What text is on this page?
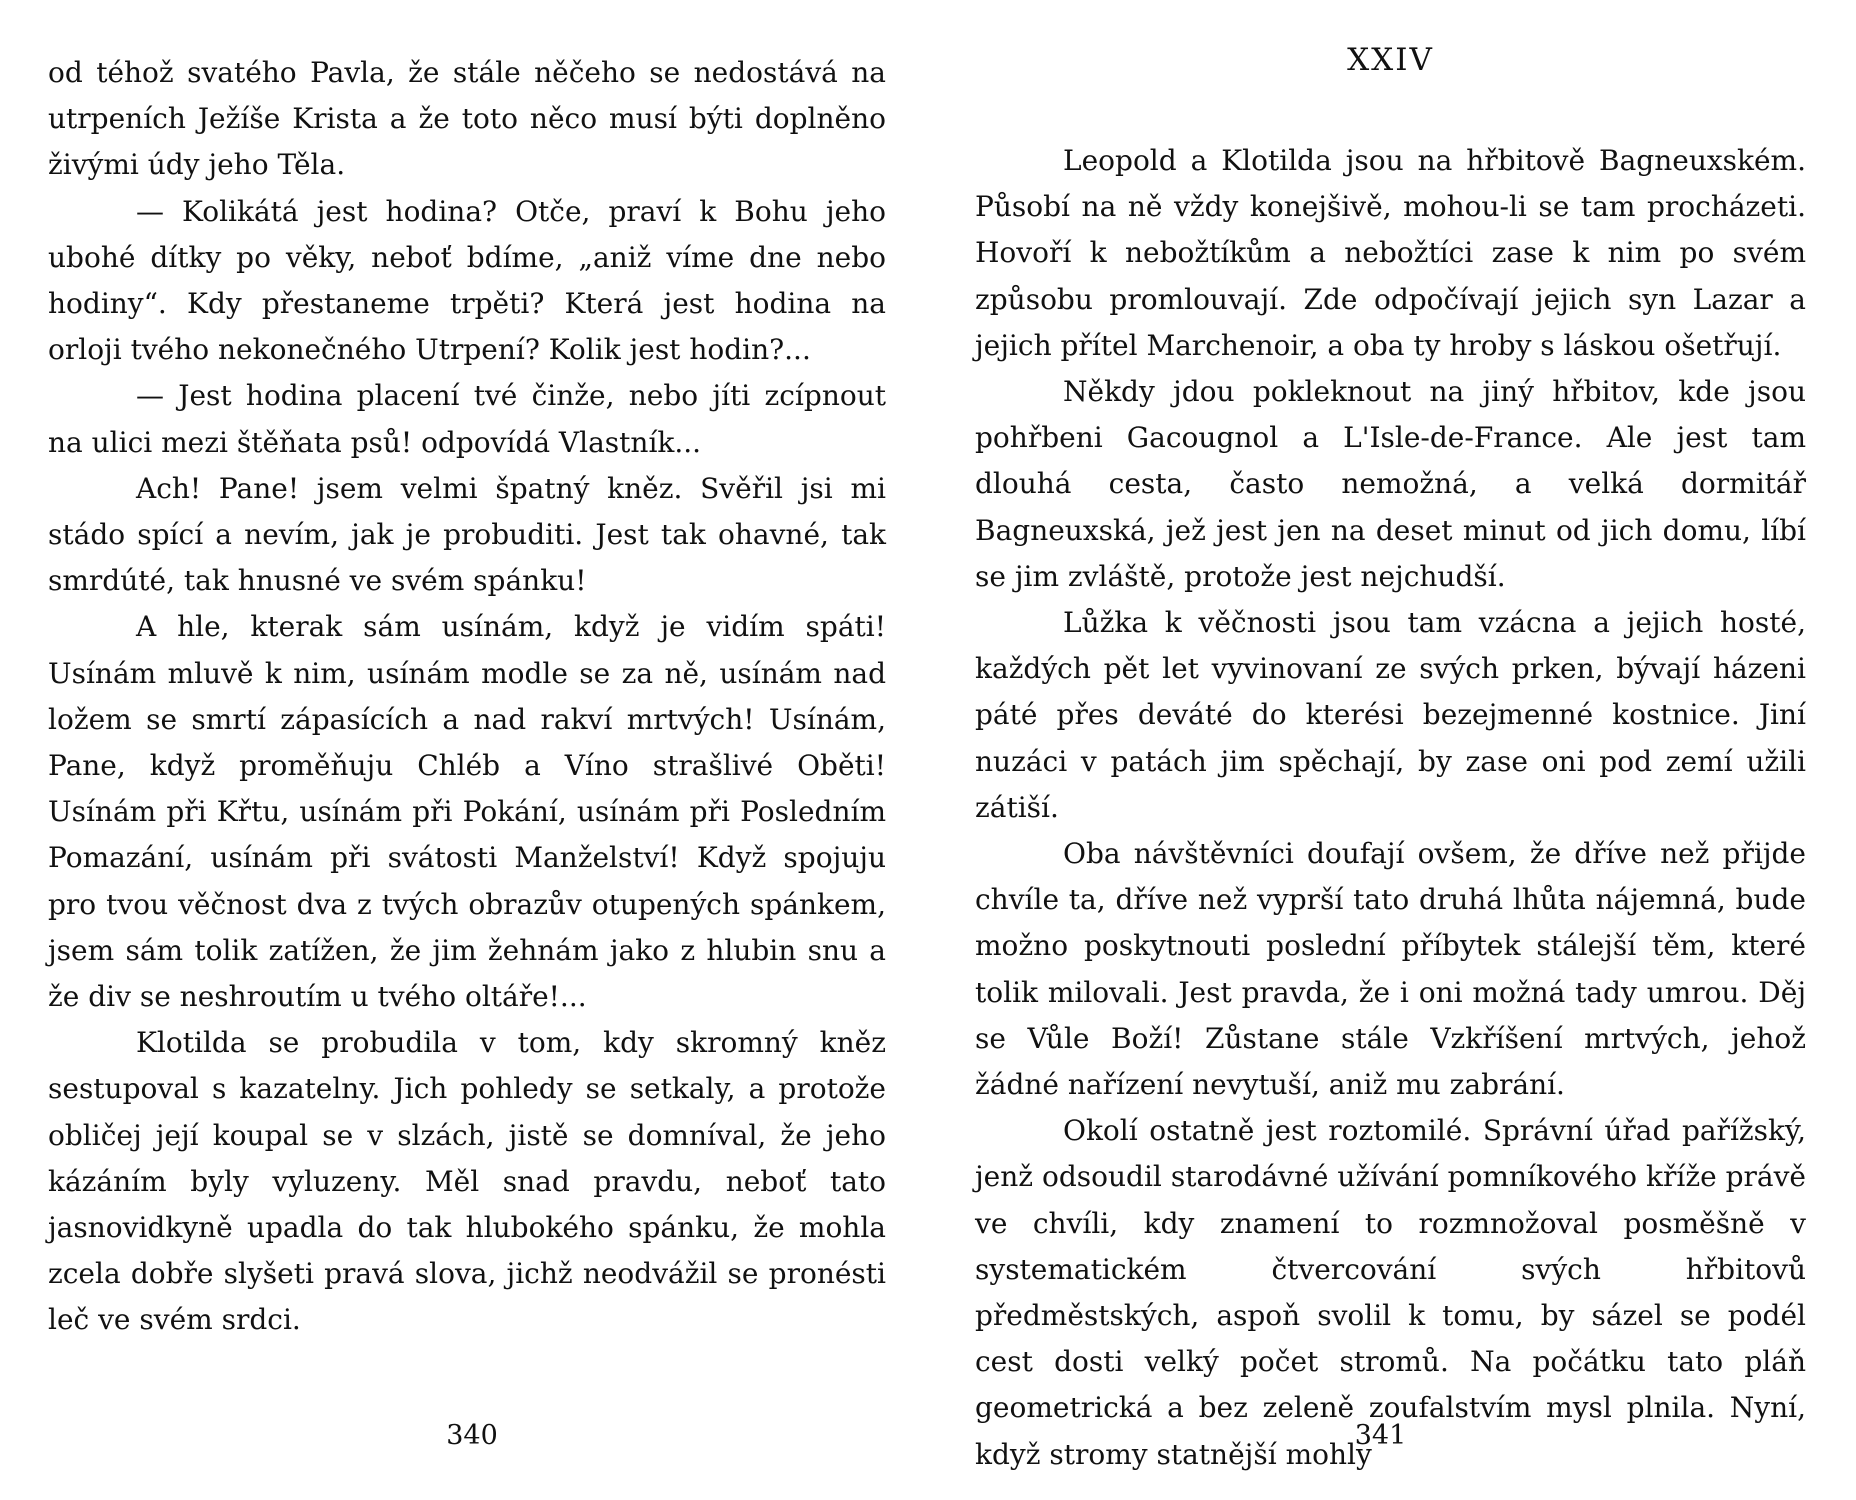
od téhož svatého Pavla, že stále něčeho se nedostává na utrpeních Ježíše Krista a že toto něco musí býti doplněno živými údy jeho Těla.

— Kolikátá jest hodina? Otče, praví k Bohu jeho ubohé dítky po věky, neboť bdíme, „aniž víme dne nebo hodiny“. Kdy přestaneme trpěti? Která jest hodina na orloji tvého nekonečného Utrpení? Kolik jest hodin?...

— Jest hodina placení tvé činže, nebo jíti zcípnout na ulici mezi štěňata psů! odpovídá Vlastník...

Ach! Pane! jsem velmi špatný kněz. Svěřil jsi mi stádo spící a nevím, jak je probuditi. Jest tak ohavné, tak smrdúté, tak hnusné ve svém spánku!

A hle, kterak sám usínám, když je vidím spáti! Usínám mluvě k nim, usínám modle se za ně, usínám nad ložem se smrtí zápasících a nad rakví mrtvých! Usínám, Pane, když proměňuju Chléb a Víno strašlivé Oběti! Usínám při Křtu, usínám při Pokání, usínám při Posledním Pomazání, usínám při svátosti Manželství! Když spojuju pro tvou věčnost dva z tvých obrazův otupených spánkem, jsem sám tolik zatížen, že jim žehnám jako z hlubin snu a že div se neshroutím u tvého oltáře!...

Klotilda se probudila v tom, kdy skromný kněz sestupoval s kazatelny. Jich pohledy se setkaly, a protože obličej její koupal se v slzách, jistě se domníval, že jeho kázáním byly vyluzeny. Měl snad pravdu, neboť tato jasnovidkyně upadla do tak hlubokého spánku, že mohla zcela dobře slyšeti pravá slova, jichž neodvážil se pronésti leč ve svém srdci.

340

XXIV

Leopold a Klotilda jsou na hřbitově Bagneuxském. Působí na ně vždy konejšivě, mohou-li se tam procházeti. Hovoří k nebožtíkům a nebožtíci zase k nim po svém způsobu promlouvají. Zde odpočívají jejich syn Lazar a jejich přítel Marchenoir, a oba ty hroby s láskou ošetřují.

Někdy jdou pokleknout na jiný hřbitov, kde jsou pohřbeni Gacougnol a L'Isle-de-France. Ale jest tam dlouhá cesta, často nemožná, a velká dormitář Bagneuxská, jež jest jen na deset minut od jich domu, líbí se jim zvláště, protože jest nejchudší.

Lůžka k věčnosti jsou tam vzácna a jejich hosté, každých pět let vyvinovaní ze svých prken, bývají házeni páté přes deváté do kterési bezejmenné kostnice. Jiní nuzáci v patách jim spěchají, by zase oni pod zemí užili zátiší.

Oba návštěvníci doufají ovšem, že dříve než přijde chvíle ta, dříve než vyprší tato druhá lhůta nájemná, bude možno poskytnouti poslední příbytek stálejší těm, které tolik milovali. Jest pravda, že i oni možná tady umrou. Děj se Vůle Boží! Zůstane stále Vzkříšení mrtvých, jehož žádné nařízení nevytuší, aniž mu zabrání.

Okolí ostatně jest roztomilé. Správní úřad pařížský, jenž odsoudil starodávné užívání pomníkového kříže právě ve chvíli, kdy znamení to rozmnožoval posměšně v systematickém čtvercování svých hřbitovů předměstských, aspoň svolil k tomu, by sázel se podél cest dosti velký počet stromů. Na počátku tato pláň geometrická a bez zeleně zoufalstvím mysl plnila. Nyní, když stromy statnější mohly

341
